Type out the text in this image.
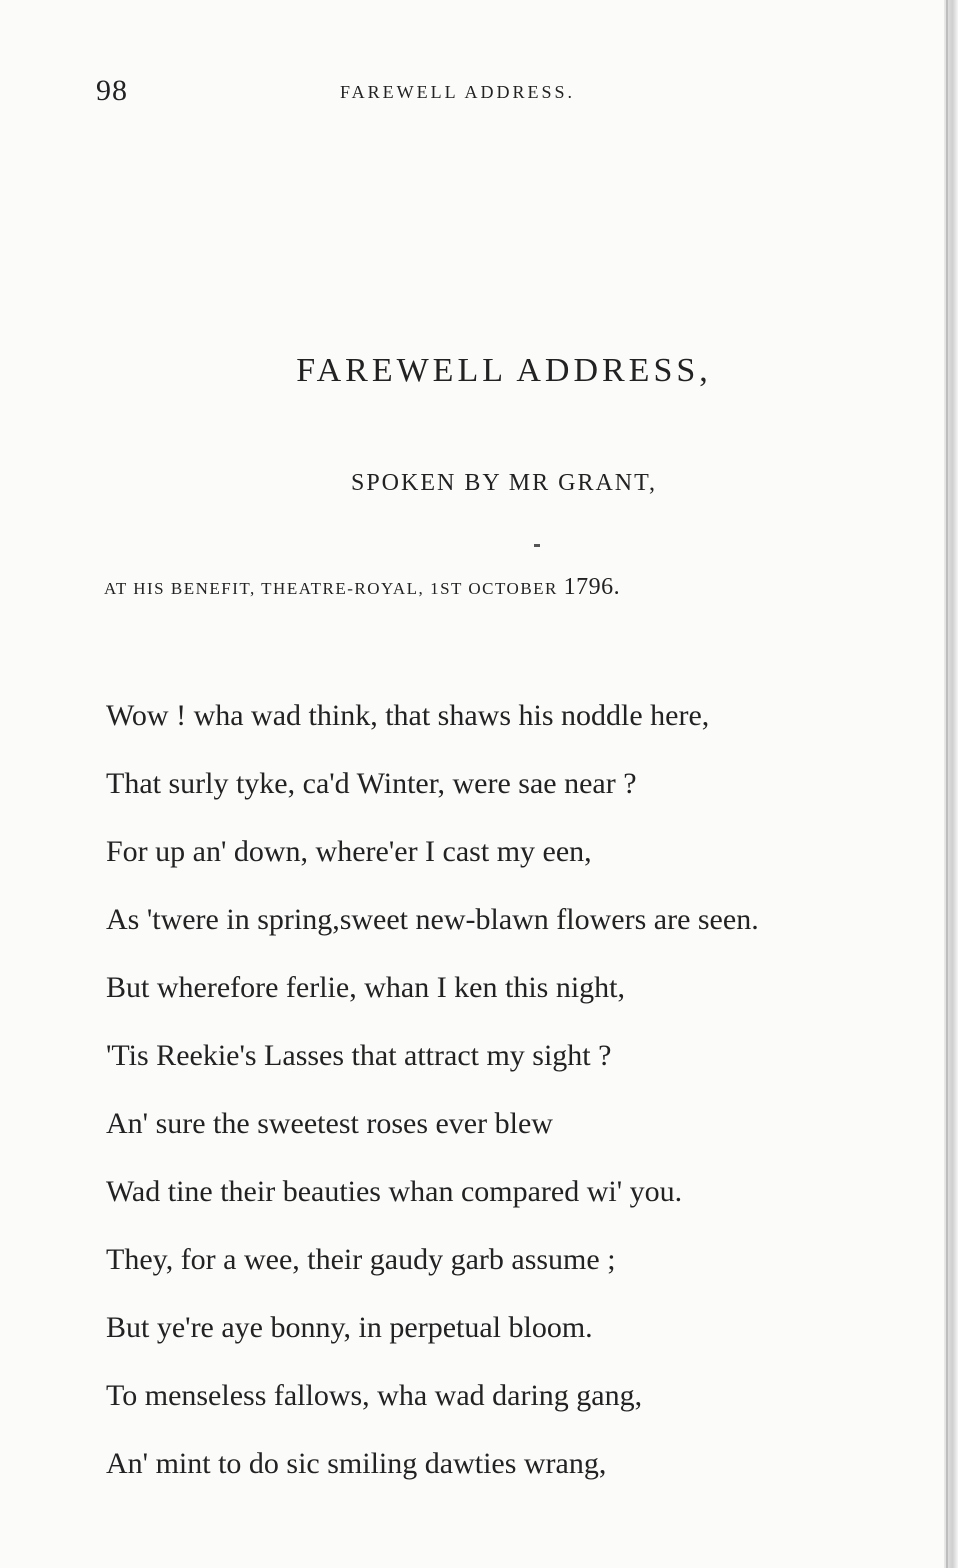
98	FAREWELL ADDRESS.
FAREWELL ADDRESS,
SPOKEN BY MR GRANT,
AT HIS BENEFIT, THEATRE-ROYAL, 1ST OCTOBER 1796.
Wow ! wha wad think, that shaws his noddle here,
That surly tyke, ca'd Winter, were sae near ?
For up an' down, where'er I cast my een,
As 'twere in spring,sweet new-blawn flowers are seen.
But wherefore ferlie, whan I ken this night,
'Tis Reekie's Lasses that attract my sight ?
An' sure the sweetest roses ever blew
Wad tine their beauties whan compared wi' you.
They, for a wee, their gaudy garb assume ;
But ye're aye bonny, in perpetual bloom.
To menseless fallows, wha wad daring gang,
An' mint to do sic smiling dawties wrang,
